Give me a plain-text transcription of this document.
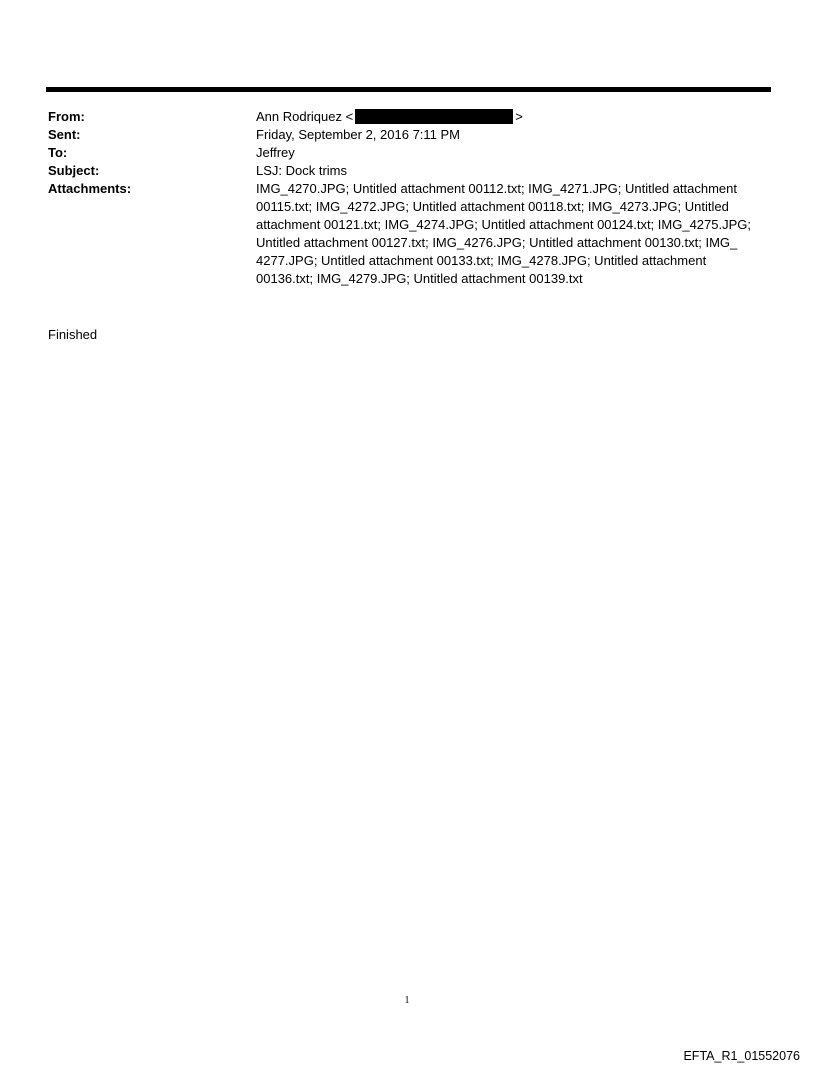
From:	Ann Rodriquez <	>
Sent:	Friday, September 2, 2016 7:11 PM
To:	Jeffrey
Subject:	LSJ: Dock trims
Attachments:	IMG_4270.JPG; Untitled attachment 00112.txt; IMG_4271.JPG; Untitled attachment 00115.txt; IMG_4272.JPG; Untitled attachment 00118.txt; IMG_4273.JPG; Untitled attachment 00121.txt; IMG_4274.JPG; Untitled attachment 00124.txt; IMG_4275.JPG; Untitled attachment 00127.txt; IMG_4276.JPG; Untitled attachment 00130.txt; IMG_ 4277.JPG; Untitled attachment 00133.txt; IMG_4278.JPG; Untitled attachment 00136.txt; IMG_4279.JPG; Untitled attachment 00139.txt
Finished
1
EFTA_R1_01552076
